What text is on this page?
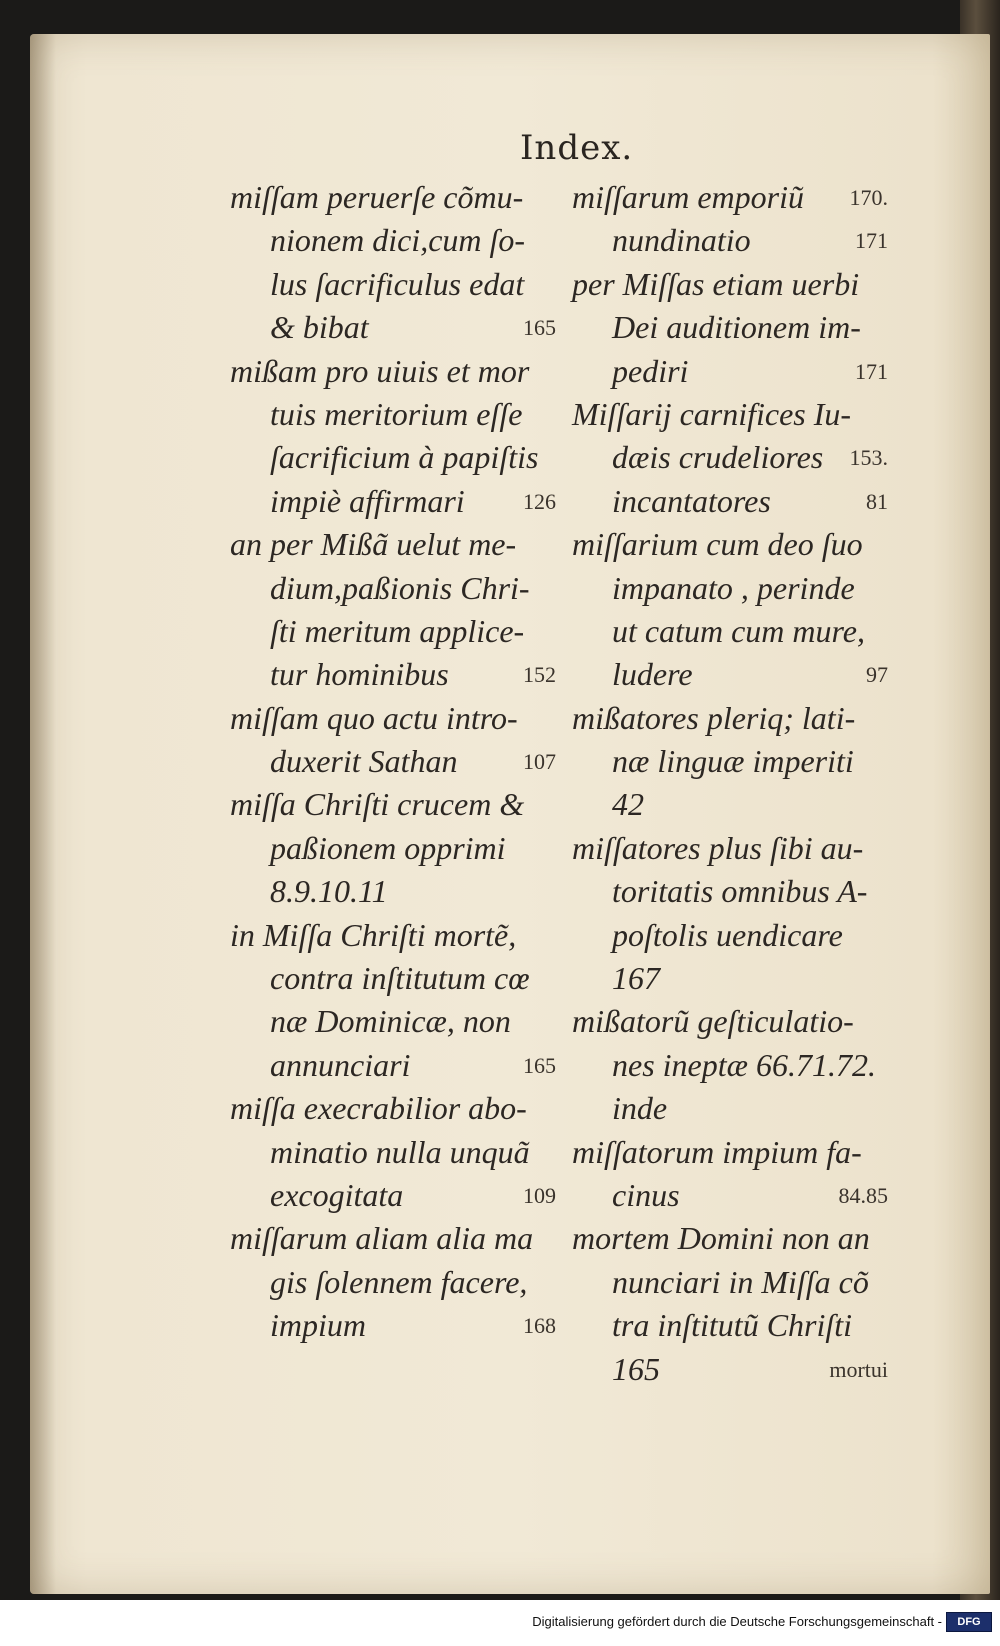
Index.
miſſam peruerſe cõmu-
nionem dici,cum ſo-
lus ſacrificulus edat
& bibat	165
mißam pro uiuis et mor
tuis meritorium eſſe
ſacrificium à papiſtis
impiè affirmari	126
an per Mißã uelut me-
dium,paßionis Chri-
ſti meritum applice-
tur hominibus	152
miſſam quo actu intro-
duxerit Sathan	107
miſſa Chriſti crucem &
paßionem opprimi
8.9.10.11
in Miſſa Chriſti mortẽ,
contra inſtitutum cœ
næ Dominicæ, non
annunciari	165
miſſa execrabilior abo-
minatio nulla unquã
excogitata	109
miſſarum aliam alia ma
gis ſolennem facere,
impium	168
miſſarum emporiũ 170.
nundinatio	171
per Miſſas etiam uerbi
Dei auditionem im-
pediri	171
Miſſarij carnifices Iu-
dæis crudeliores 153.
incantatores	81
miſſarium cum deo ſuo
impanato , perinde
ut catum cum mure,
ludere	97
mißatores pleriq; lati-
næ linguæ imperiti
42
miſſatores plus ſibi au-
toritatis omnibus A-
poſtolis uendicare
167
mißatorũ geſticulatio-
nes ineptæ 66.71.72.
inde
miſſatorum impium fa-
cinus	84.85
mortem Domini non an
nunciari in Miſſa cõ
tra inſtitutũ Chriſti
165	mortui
Digitalisierung gefördert durch die Deutsche Forschungsgemeinschaft -	DFG
